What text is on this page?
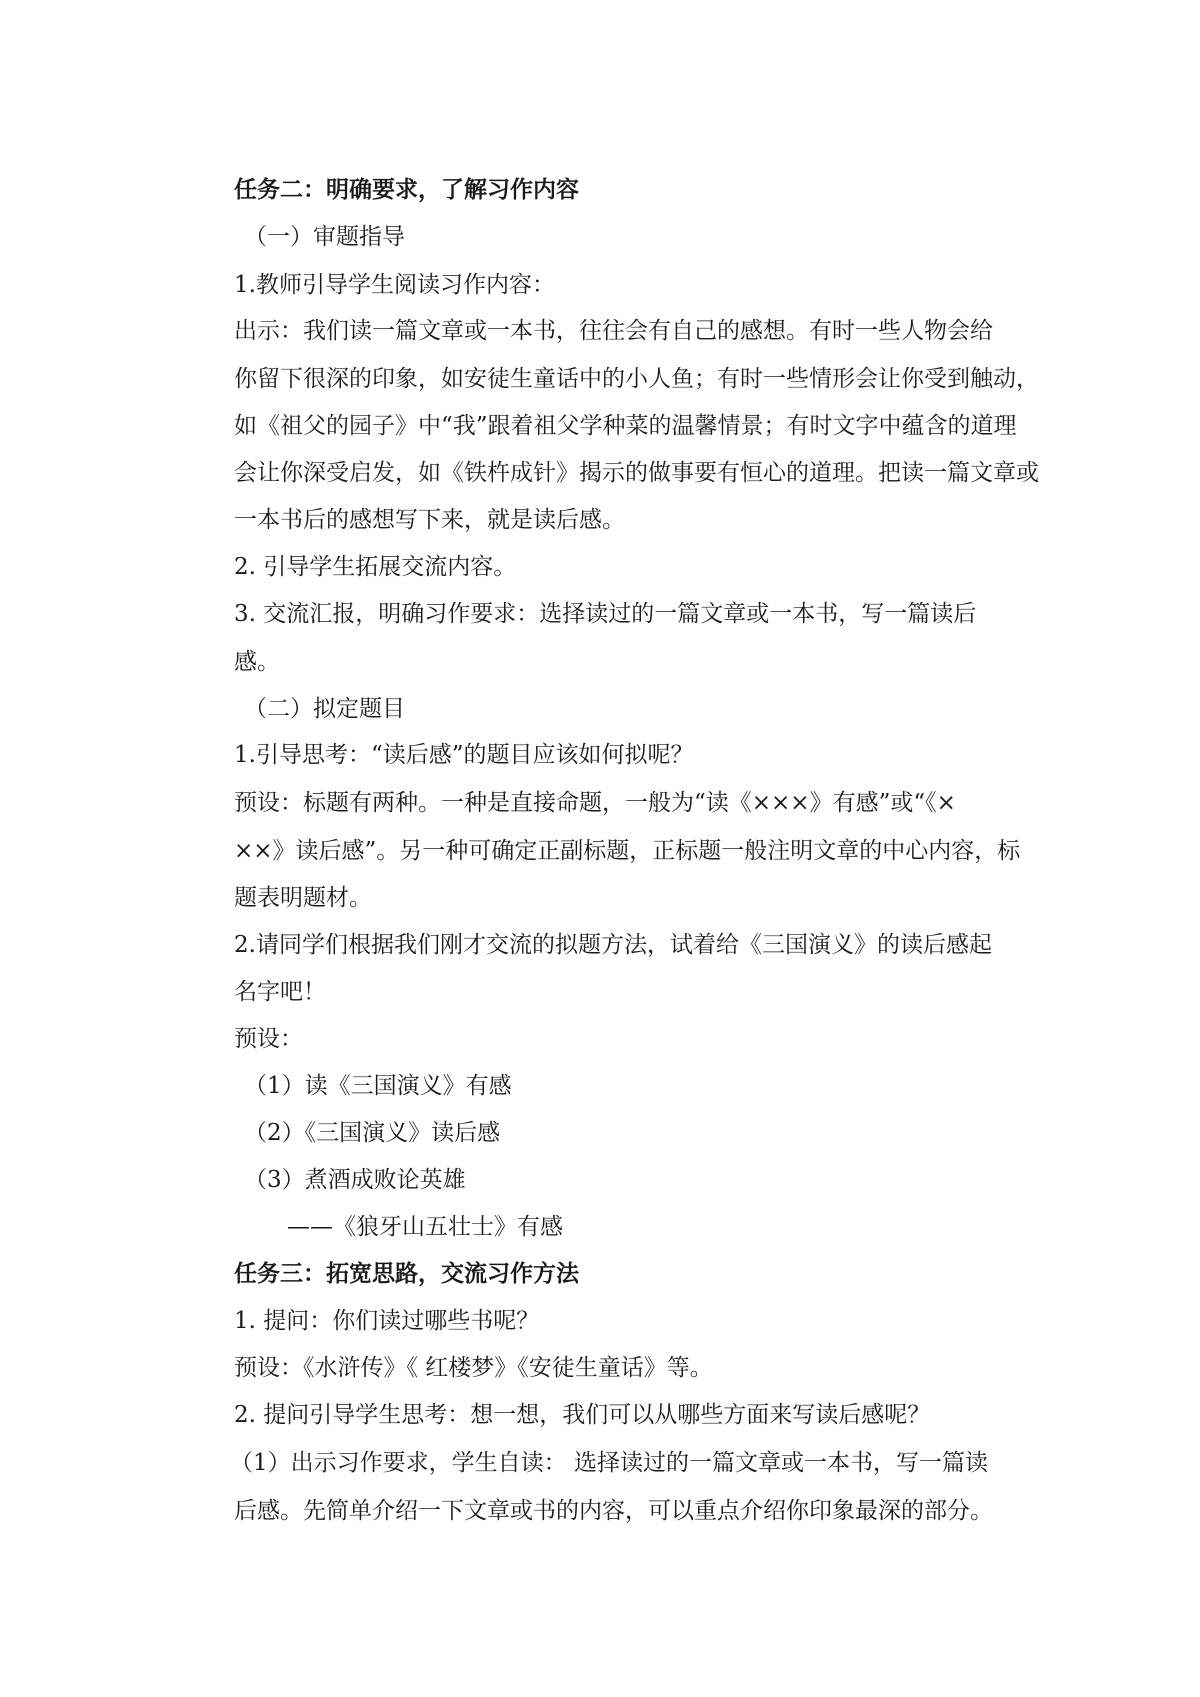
任务二：明确要求，了解习作内容
（一）审题指导
1.教师引导学生阅读习作内容：
出示：我们读一篇文章或一本书，往往会有自己的感想。有时一些人物会给
你留下很深的印象，如安徒生童话中的小人鱼；有时一些情形会让你受到触动，
如《祖父的园子》中“我”跟着祖父学种菜的温馨情景；有时文字中蕴含的道理
会让你深受启发，如《铁杵成针》揭示的做事要有恒心的道理。把读一篇文章或
一本书后的感想写下来，就是读后感。
2. 引导学生拓展交流内容。
3. 交流汇报，明确习作要求：选择读过的一篇文章或一本书，写一篇读后
感。
（二）拟定题目
1.引导思考：“读后感”的题目应该如何拟呢？
预设：标题有两种。一种是直接命题，一般为“读《×××》有感”或“《×
××》读后感”。另一种可确定正副标题，正标题一般注明文章的中心内容，标
题表明题材。
2.请同学们根据我们刚才交流的拟题方法，试着给《三国演义》的读后感起
名字吧！
预设：
（1）读《三国演义》有感
（2）《三国演义》读后感
（3）煮酒成败论英雄
——《狼牙山五壮士》有感
任务三：拓宽思路，交流习作方法
1. 提问：你们读过哪些书呢？
预设：《水浒传》《 红楼梦》《安徒生童话》等。
2. 提问引导学生思考：想一想，我们可以从哪些方面来写读后感呢？
（1）出示习作要求，学生自读： 选择读过的一篇文章或一本书，写一篇读
后感。先简单介绍一下文章或书的内容，可以重点介绍你印象最深的部分。
